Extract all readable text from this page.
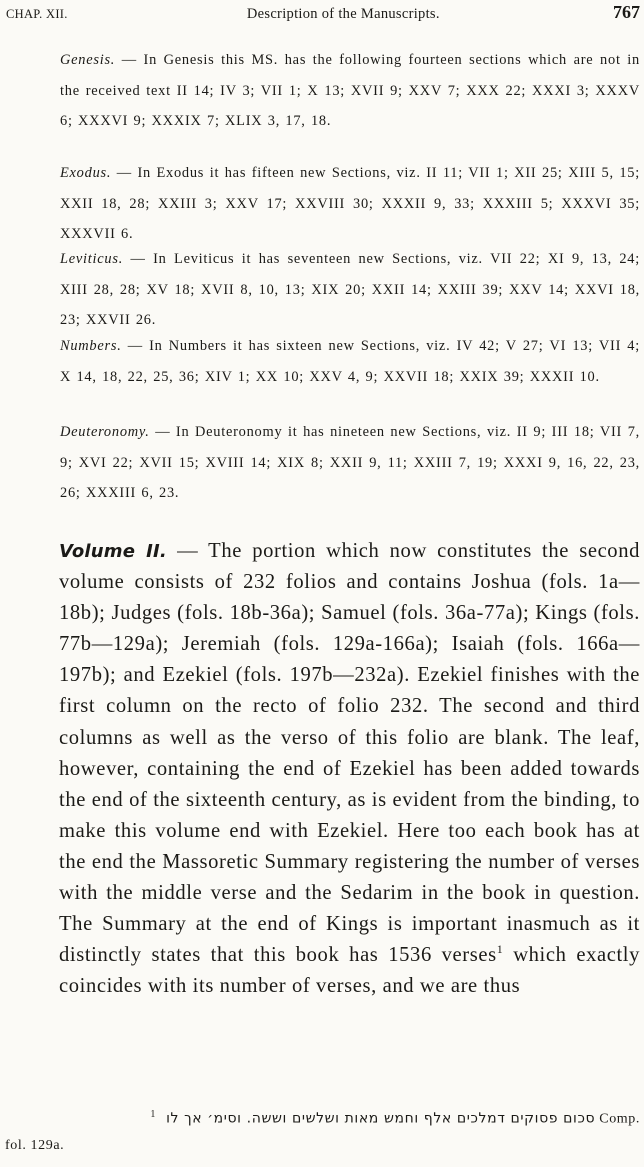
CHAP. XII.	Description of the Manuscripts.	767
Genesis. — In Genesis this MS. has the following fourteen sections which are not in the received text II 14; IV 3; VII 1; X 13; XVII 9; XXV 7; XXX 22; XXXI 3; XXXV 6; XXXVI 9; XXXIX 7; XLIX 3, 17, 18.
Exodus. — In Exodus it has fifteen new Sections, viz. II 11; VII 1; XII 25; XIII 5, 15; XXII 18, 28; XXIII 3; XXV 17; XXVIII 30; XXXII 9, 33; XXXIII 5; XXXVI 35; XXXVII 6.
Leviticus. — In Leviticus it has seventeen new Sections, viz. VII 22; XI 9, 13, 24; XIII 28, 28; XV 18; XVII 8, 10, 13; XIX 20; XXII 14; XXIII 39; XXV 14; XXVI 18, 23; XXVII 26.
Numbers. — In Numbers it has sixteen new Sections, viz. IV 42; V 27; VI 13; VII 4; X 14, 18, 22, 25, 36; XIV 1; XX 10; XXV 4, 9; XXVII 18; XXIX 39; XXXII 10.
Deuteronomy. — In Deuteronomy it has nineteen new Sections, viz. II 9; III 18; VII 7, 9; XVI 22; XVII 15; XVIII 14; XIX 8; XXII 9, 11; XXIII 7, 19; XXXI 9, 16, 22, 23, 26; XXXIII 6, 23.
Volume II. — The portion which now constitutes the second volume consists of 232 folios and contains Joshua (fols. 1a—18b); Judges (fols. 18b-36a); Samuel (fols. 36a-77a); Kings (fols. 77b—129a); Jeremiah (fols. 129a-166a); Isaiah (fols. 166a—197b); and Ezekiel (fols. 197b—232a). Ezekiel finishes with the first column on the recto of folio 232. The second and third columns as well as the verso of this folio are blank. The leaf, however, containing the end of Ezekiel has been added towards the end of the sixteenth century, as is evident from the binding, to make this volume end with Ezekiel. Here too each book has at the end the Massoretic Summary registering the number of verses with the middle verse and the Sedarim in the book in question. The Summary at the end of Kings is important inasmuch as it distinctly states that this book has 1536 verses$^1$ which exactly coincides with its number of verses, and we are thus
$^1$ סכום פסוקים דמלכים אלף וחמש מאות ושלשים וששה. וסימ׳ אך לו Comp.
fol. 129a.
